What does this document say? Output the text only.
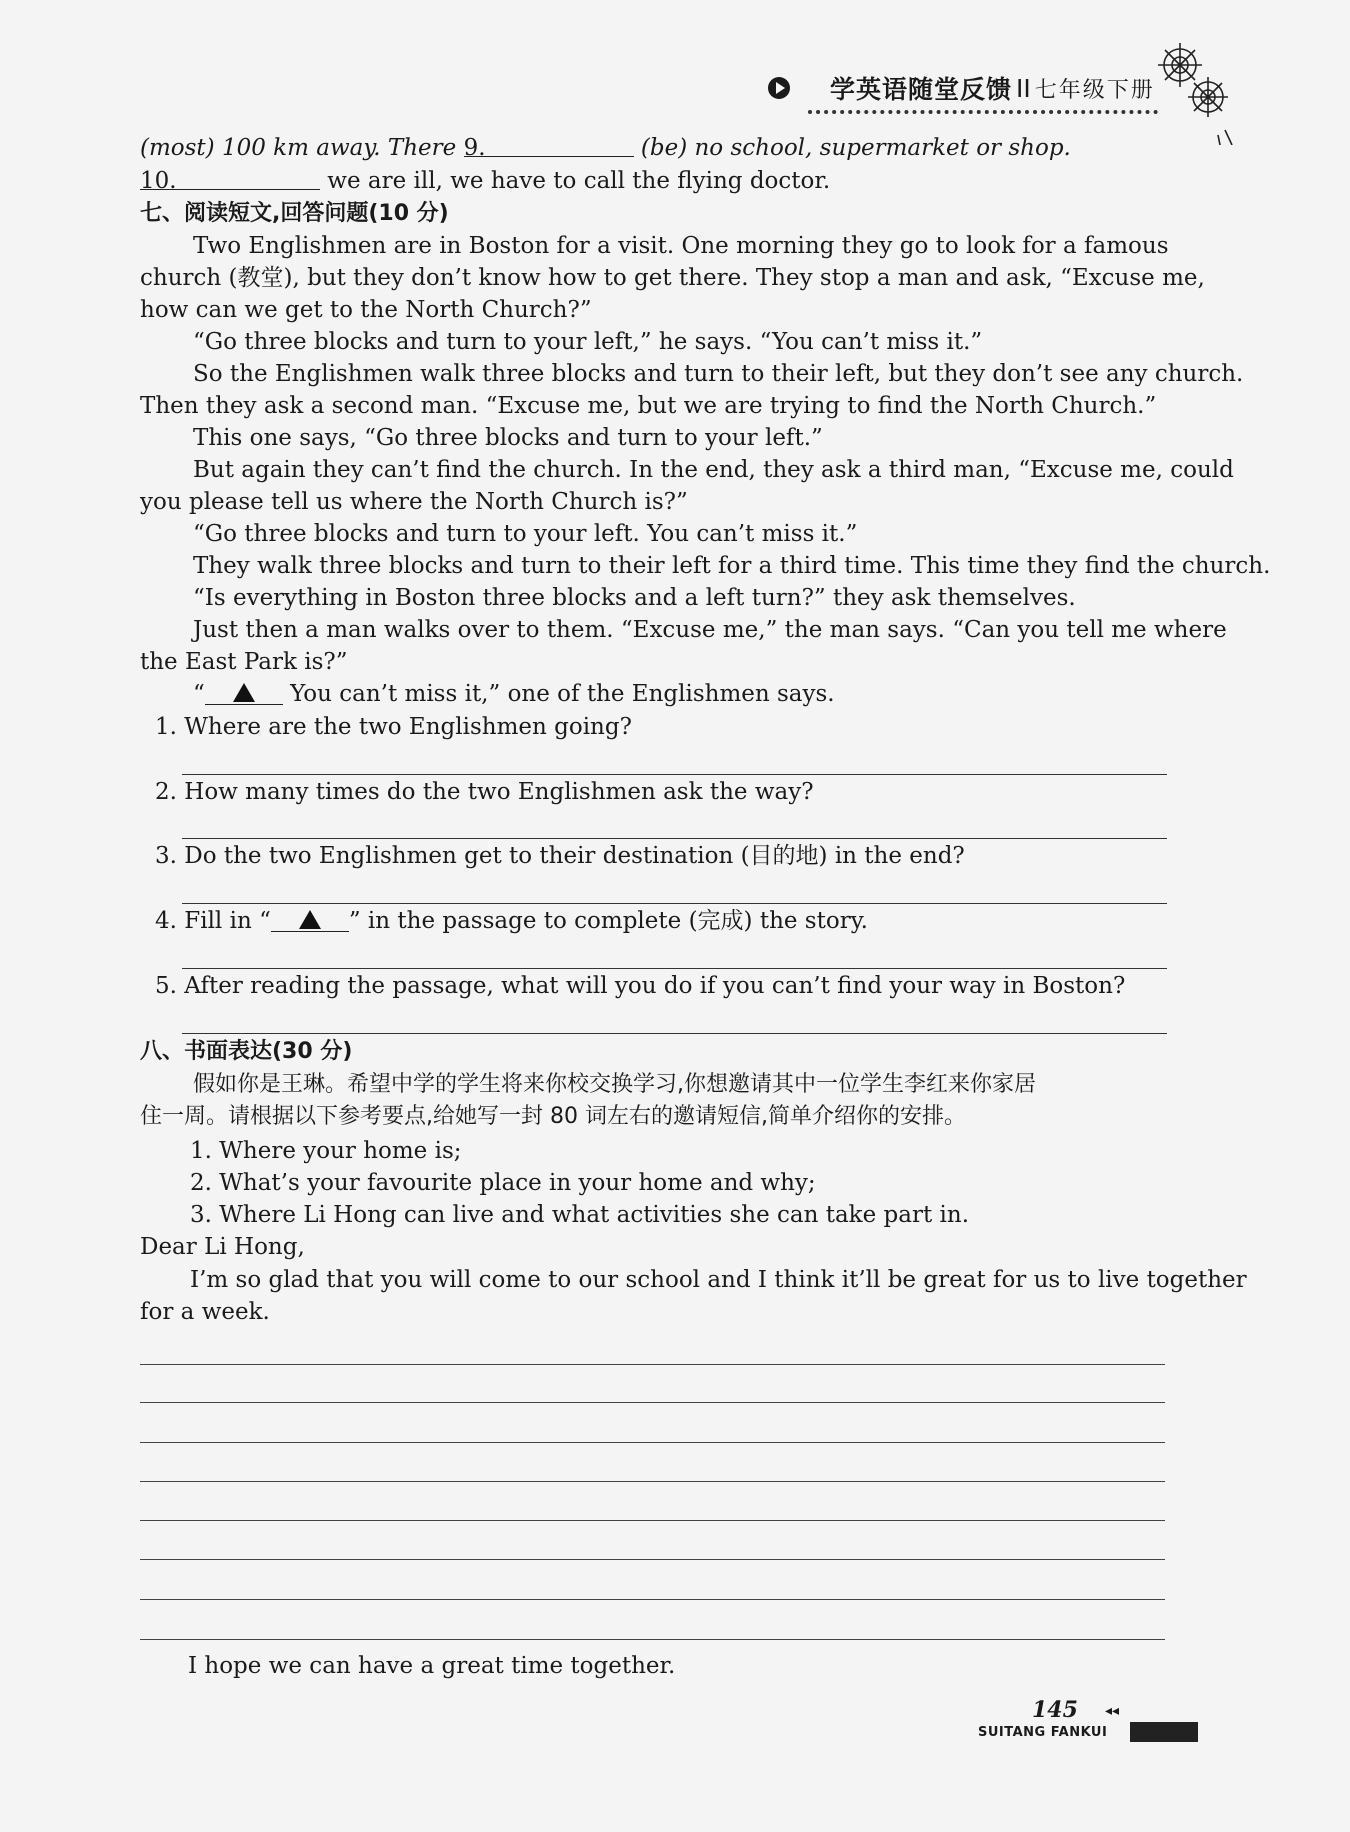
学英语随堂反馈 II 七年级下册
(most) 100 km away. There 9.	(be) no school, supermarket or shop.
10.	we are ill, we have to call the flying doctor.
七、阅读短文,回答问题(10 分)
Two Englishmen are in Boston for a visit. One morning they go to look for a famous
church (教堂), but they don’t know how to get there. They stop a man and ask, “Excuse me,
how can we get to the North Church?”
“Go three blocks and turn to your left,” he says. “You can’t miss it.”
So the Englishmen walk three blocks and turn to their left, but they don’t see any church.
Then they ask a second man. “Excuse me, but we are trying to find the North Church.”
This one says, “Go three blocks and turn to your left.”
But again they can’t find the church. In the end, they ask a third man, “Excuse me, could
you please tell us where the North Church is?”
“Go three blocks and turn to your left. You can’t miss it.”
They walk three blocks and turn to their left for a third time. This time they find the church.
“Is everything in Boston three blocks and a left turn?” they ask themselves.
Just then a man walks over to them. “Excuse me,” the man says. “Can you tell me where
the East Park is?”
“	You can’t miss it,” one of the Englishmen says.
1. Where are the two Englishmen going?
2. How many times do the two Englishmen ask the way?
3. Do the two Englishmen get to their destination (目的地) in the end?
4. Fill in “	” in the passage to complete (完成) the story.
5. After reading the passage, what will you do if you can’t find your way in Boston?
八、书面表达(30 分)
假如你是王琳。希望中学的学生将来你校交换学习,你想邀请其中一位学生李红来你家居
住一周。请根据以下参考要点,给她写一封 80 词左右的邀请短信,简单介绍你的安排。
1. Where your home is;
2. What’s your favourite place in your home and why;
3. Where Li Hong can live and what activities she can take part in.
Dear Li Hong,
I’m so glad that you will come to our school and I think it’ll be great for us to live together
for a week.
I hope we can have a great time together.
145 ◂◂
SUITANG FANKUI
